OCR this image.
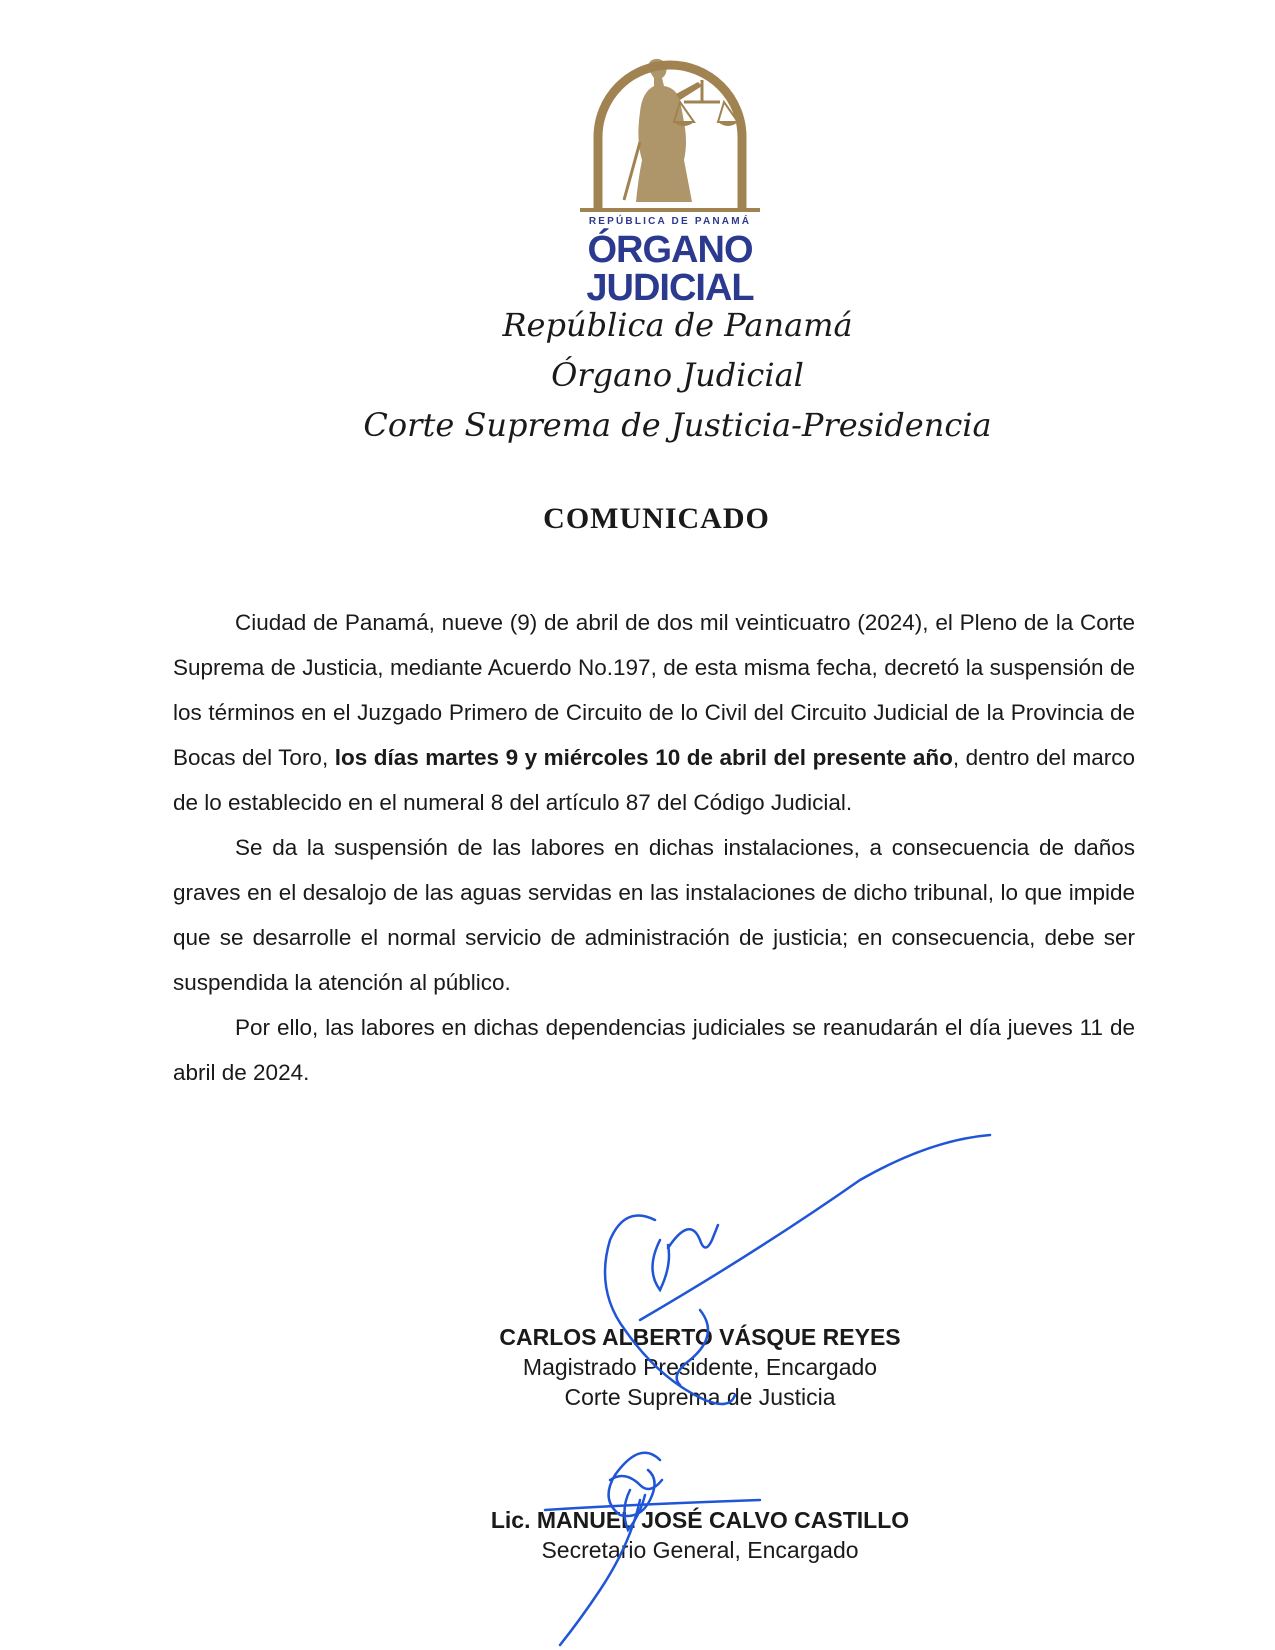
REPÚBLICA DE PANAMÁ
ÓRGANO
JUDICIAL
República de Panamá
Órgano Judicial
Corte Suprema de Justicia-Presidencia
COMUNICADO

Ciudad de Panamá, nueve (9) de abril de dos mil veinticuatro (2024), el Pleno de la Corte Suprema de Justicia, mediante Acuerdo No.197, de esta misma fecha, decretó la suspensión de los términos en el Juzgado Primero de Circuito de lo Civil del Circuito Judicial de la Provincia de Bocas del Toro, los días martes 9 y miércoles 10 de abril del presente año, dentro del marco de lo establecido en el numeral 8 del artículo 87 del Código Judicial.

Se da la suspensión de las labores en dichas instalaciones, a consecuencia de daños graves en el desalojo de las aguas servidas en las instalaciones de dicho tribunal, lo que impide que se desarrolle el normal servicio de administración de justicia; en consecuencia, debe ser suspendida la atención al público.

Por ello, las labores en dichas dependencias judiciales se reanudarán el día jueves 11 de abril de 2024.

CARLOS ALBERTO VÁSQUE REYES
Magistrado Presidente, Encargado
Corte Suprema de Justicia
Lic. MANUEL JOSÉ CALVO CASTILLO
Secretario General, Encargado
